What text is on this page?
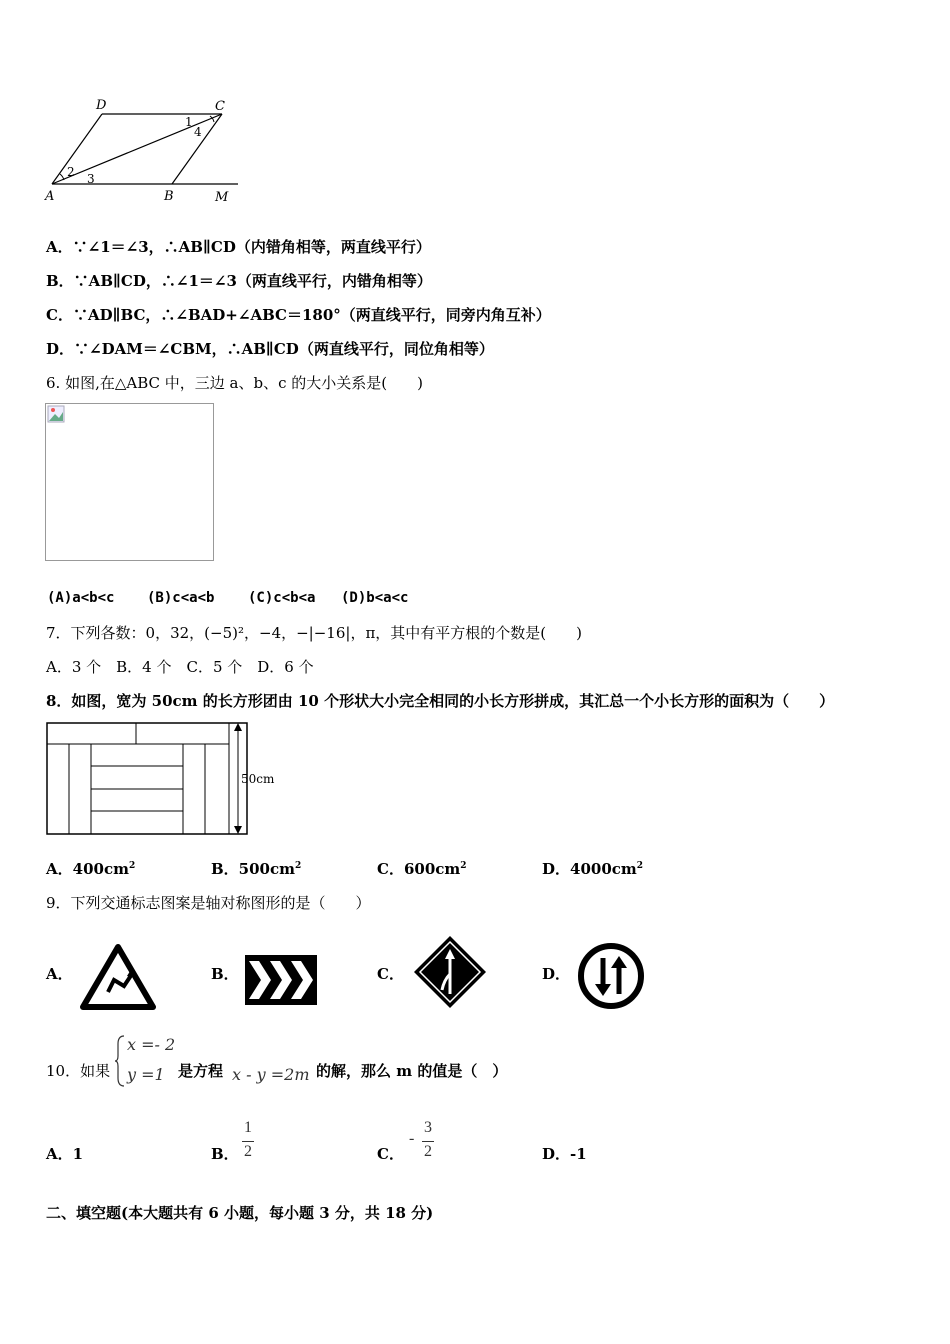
D	C
A	B	M
1
2 3
4
A．∵∠1＝∠3，∴AB∥CD（内错角相等，两直线平行）
B．∵AB∥CD，∴∠1＝∠3（两直线平行，内错角相等）
C．∵AD∥BC，∴∠BAD+∠ABC＝180°（两直线平行，同旁内角互补）
D．∵∠DAM＝∠CBM，∴AB∥CD（两直线平行，同位角相等）
6. 如图,在△ABC 中，三边 a、b、c 的大小关系是(　　)
(A)a<b<c (B)c<a<b (C)c<b<a (D)b<a<c
7．下列各数：0，32，(−5)²，−4，−|−16|，π，其中有平方根的个数是(　　)
A．3 个　B．4 个　C．5 个　D．6 个
8．如图，宽为 50cm 的长方形团由 10 个形状大小完全相同的小长方形拼成，其汇总一个小长方形的面积为（　　）
50cm
A．$400cm^2$	B．$500cm^2$	C．$600cm^2$	D．$4000cm^2$
9．下列交通标志图案是轴对称图形的是（　　）
A．	B．	C．	D．
10．如果
x =- 2
y =1 是方程 x - y =2m 的解，那么 m 的值是（　）
A．1	B．
1
2	C．
-
3
2	D．-1
二、填空题(本大题共有 6 小题，每小题 3 分，共 18 分)
